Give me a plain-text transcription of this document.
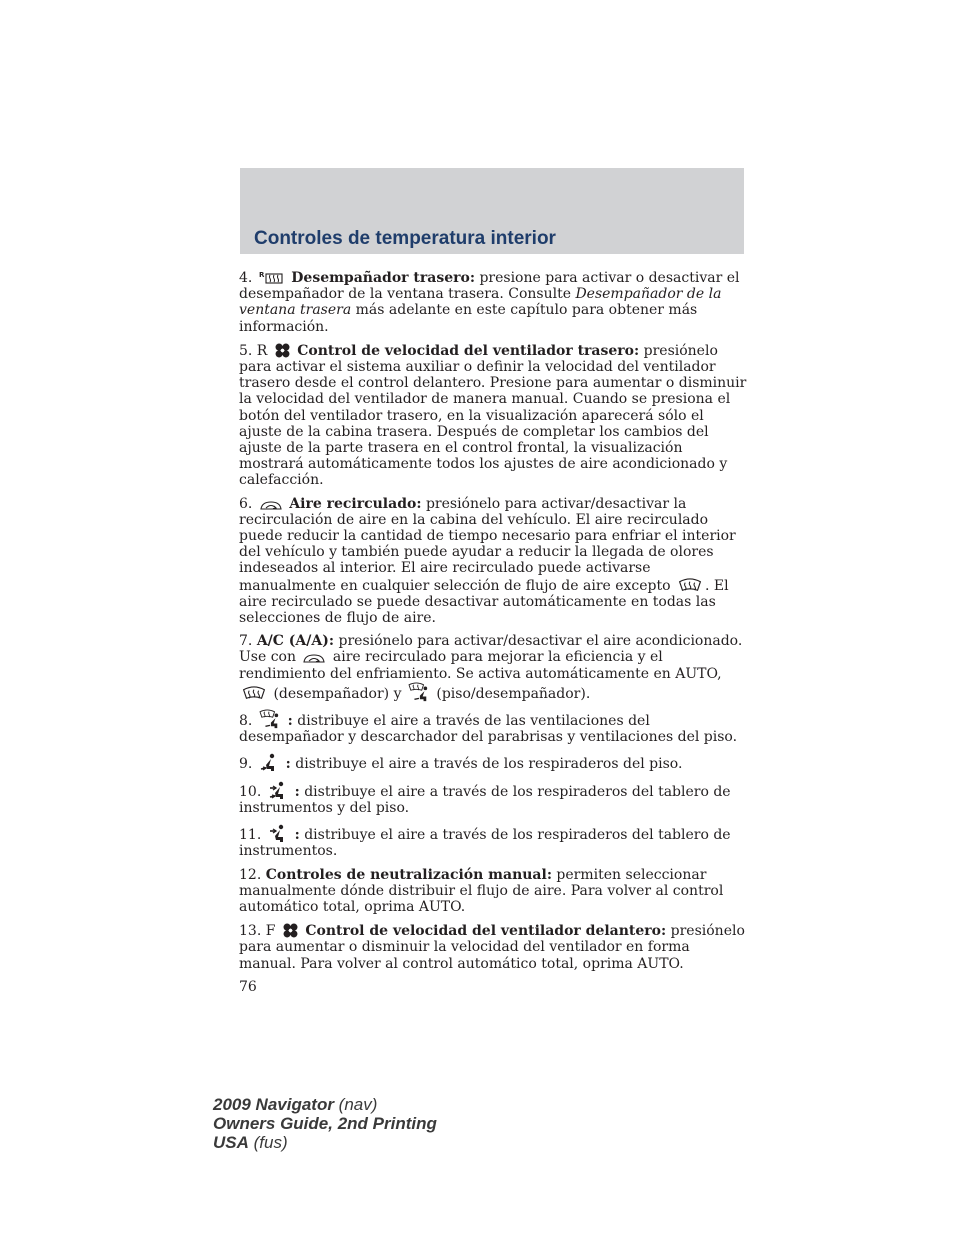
Controles de temperatura interior

4.	Desempañador trasero: presione para activar o desactivar el desempañador de la ventana trasera. Consulte Desempañador de la ventana trasera más adelante en este capítulo para obtener más información.

5. R Control de velocidad del ventilador trasero: presiónelo para activar el sistema auxiliar o definir la velocidad del ventilador trasero desde el control delantero. Presione para aumentar o disminuir la velocidad del ventilador de manera manual. Cuando se presiona el botón del ventilador trasero, en la visualización aparecerá sólo el ajuste de la cabina trasera. Después de completar los cambios del ajuste de la parte trasera en el control frontal, la visualización mostrará automáticamente todos los ajustes de aire acondicionado y calefacción.

6.	Aire recirculado: presiónelo para activar/desactivar la recirculación de aire en la cabina del vehículo. El aire recirculado puede reducir la cantidad de tiempo necesario para enfriar el interior del vehículo y también puede ayudar a reducir la llegada de olores indeseados al interior. El aire recirculado puede activarse manualmente en cualquier selección de flujo de aire excepto
. El aire recirculado se puede desactivar automáticamente en todas las selecciones de flujo de aire.

7. A/C (A/A): presiónelo para activar/desactivar el aire acondicionado. Use con
aire recirculado para mejorar la eficiencia y el rendimiento del enfriamiento. Se activa automáticamente en AUTO,
(desempañador) y
(piso/desempañador).

8.
: distribuye el aire a través de las ventilaciones del desempañador y descarchador del parabrisas y ventilaciones del piso.

9.
: distribuye el aire a través de los respiraderos del piso.

10.
: distribuye el aire a través de los respiraderos del tablero de instrumentos y del piso.

11.
: distribuye el aire a través de los respiraderos del tablero de instrumentos.

12. Controles de neutralización manual: permiten seleccionar manualmente dónde distribuir el flujo de aire. Para volver al control automático total, oprima AUTO.

13. F Control de velocidad del ventilador delantero: presiónelo para aumentar o disminuir la velocidad del ventilador en forma manual. Para volver al control automático total, oprima AUTO.

76
2009 Navigator (nav)
Owners Guide, 2nd Printing
USA (fus)
